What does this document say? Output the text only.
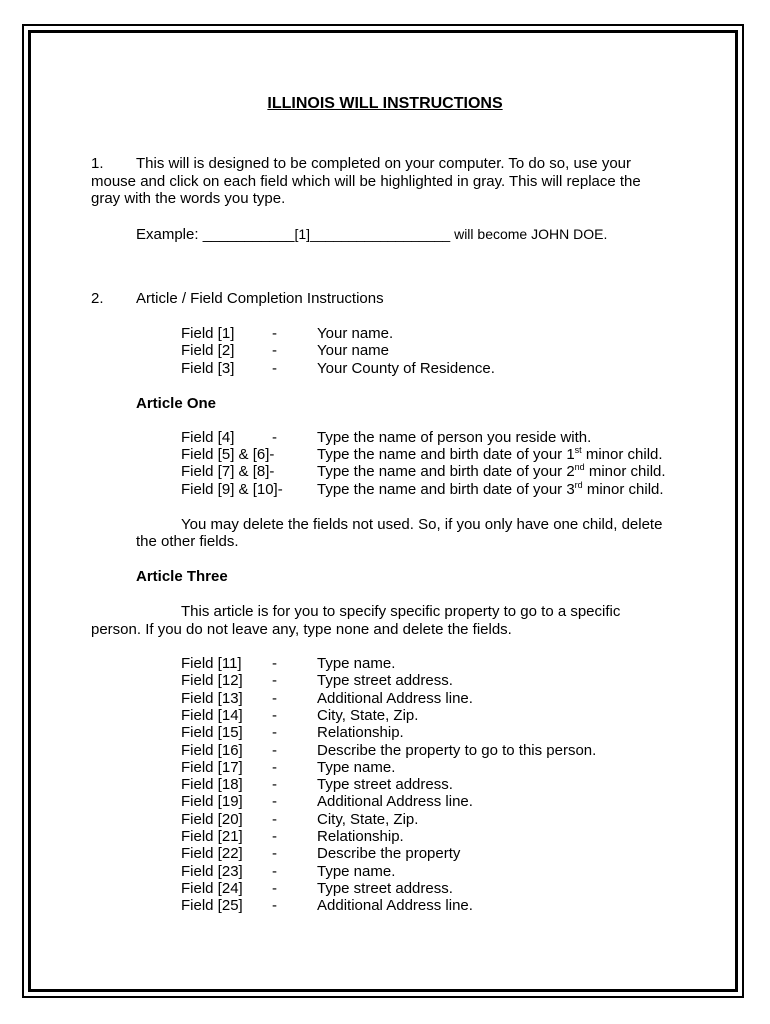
ILLINOIS WILL INSTRUCTIONS
1. This will is designed to be completed on your computer. To do so, use your
mouse and click on each field which will be highlighted in gray. This will replace the
gray with the words you type.
Example: ___________[1]__________________ will become JOHN DOE.
2. Article / Field Completion Instructions
Field [1]	-	Your name.
Field [2]	-	Your name
Field [3]	-	Your County of Residence.
Article One
Field [4]	-	Type the name of person you reside with.
Field [5] & [6]-	Type the name and birth date of your 1st minor child.
Field [7] & [8]-	Type the name and birth date of your 2nd minor child.
Field [9] & [10]- Type the name and birth date of your 3rd minor child.
You may delete the fields not used. So, if you only have one child, delete
the other fields.
Article Three
This article is for you to specify specific property to go to a specific
person. If you do not leave any, type none and delete the fields.
Field [11] -	Type name.
Field [12] -	Type street address.
Field [13] -	Additional Address line.
Field [14] -	City, State, Zip.
Field [15] -	Relationship.
Field [16] -	Describe the property to go to this person.
Field [17] -	Type name.
Field [18] -	Type street address.
Field [19] -	Additional Address line.
Field [20] -	City, State, Zip.
Field [21] -	Relationship.
Field [22] -	Describe the property
Field [23] -	Type name.
Field [24] -	Type street address.
Field [25] -	Additional Address line.
